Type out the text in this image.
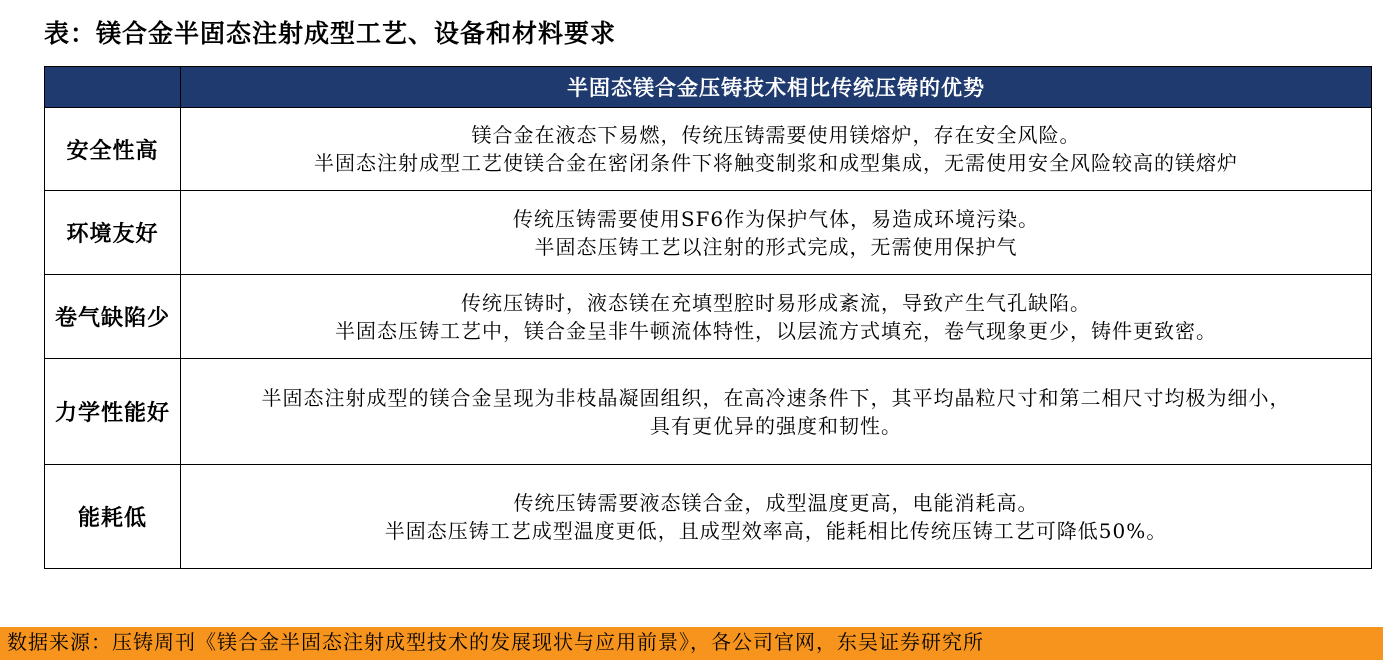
表：镁合金半固态注射成型工艺、设备和材料要求
	半固态镁合金压铸技术相比传统压铸的优势
安全性高	镁合金在液态下易燃，传统压铸需要使用镁熔炉，存在安全风险。
半固态注射成型工艺使镁合金在密闭条件下将触变制浆和成型集成，无需使用安全风险较高的镁熔炉

环境友好	传统压铸需要使用SF6作为保护气体，易造成环境污染。
半固态压铸工艺以注射的形式完成，无需使用保护气

卷气缺陷少	传统压铸时，液态镁在充填型腔时易形成紊流，导致产生气孔缺陷。
半固态压铸工艺中，镁合金呈非牛顿流体特性，以层流方式填充，卷气现象更少，铸件更致密。

力学性能好	半固态注射成型的镁合金呈现为非枝晶凝固组织，在高冷速条件下，其平均晶粒尺寸和第二相尺寸均极为细小，
具有更优异的强度和韧性。

能耗低	传统压铸需要液态镁合金，成型温度更高，电能消耗高。
半固态压铸工艺成型温度更低，且成型效率高，能耗相比传统压铸工艺可降低50%。
数据来源：压铸周刊《镁合金半固态注射成型技术的发展现状与应用前景》，各公司官网，东吴证券研究所
